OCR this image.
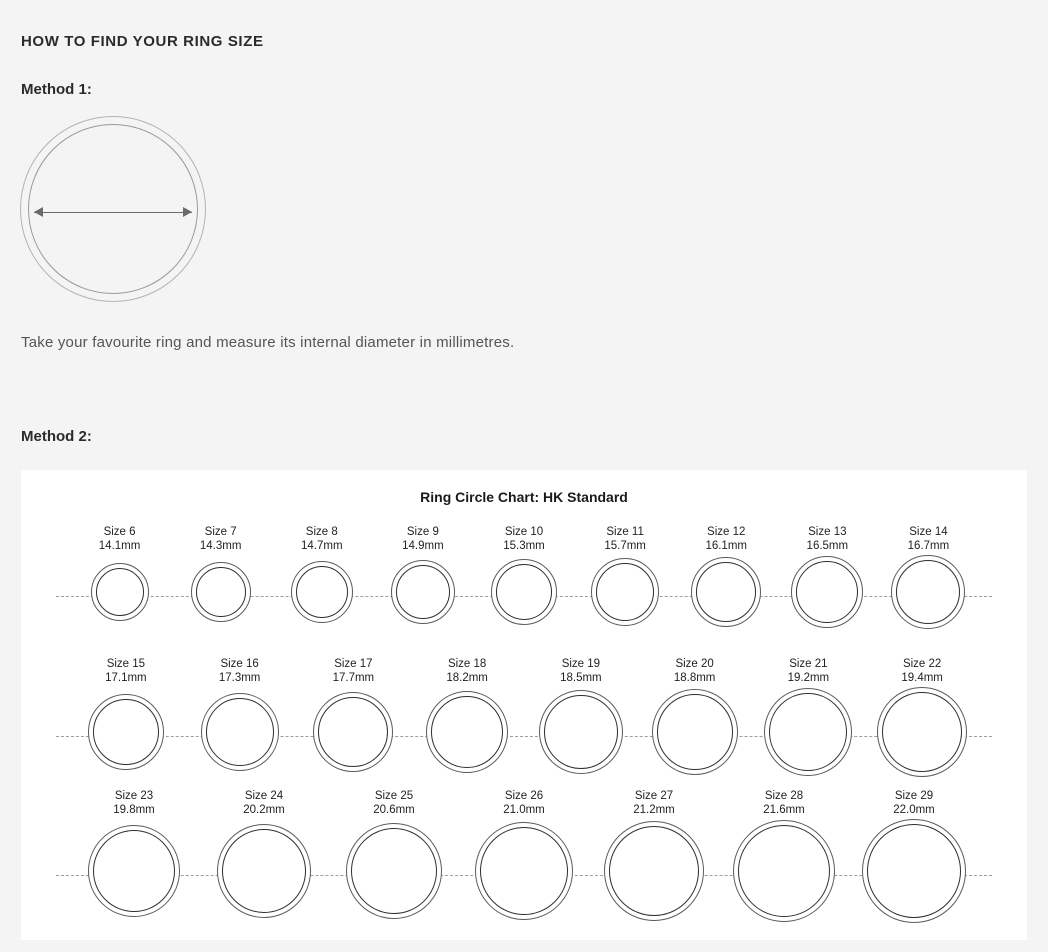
HOW TO FIND YOUR RING SIZE
Method 1:
Take your favourite ring and measure its internal diameter in millimetres.
Method 2:
Ring Circle Chart: HK Standard
Size 6
14.1mm
Size 7
14.3mm
Size 8
14.7mm
Size 9
14.9mm
Size 10
15.3mm
Size 11
15.7mm
Size 12
16.1mm
Size 13
16.5mm
Size 14
16.7mm
Size 15
17.1mm
Size 16
17.3mm
Size 17
17.7mm
Size 18
18.2mm
Size 19
18.5mm
Size 20
18.8mm
Size 21
19.2mm
Size 22
19.4mm
Size 23
19.8mm
Size 24
20.2mm
Size 25
20.6mm
Size 26
21.0mm
Size 27
21.2mm
Size 28
21.6mm
Size 29
22.0mm
